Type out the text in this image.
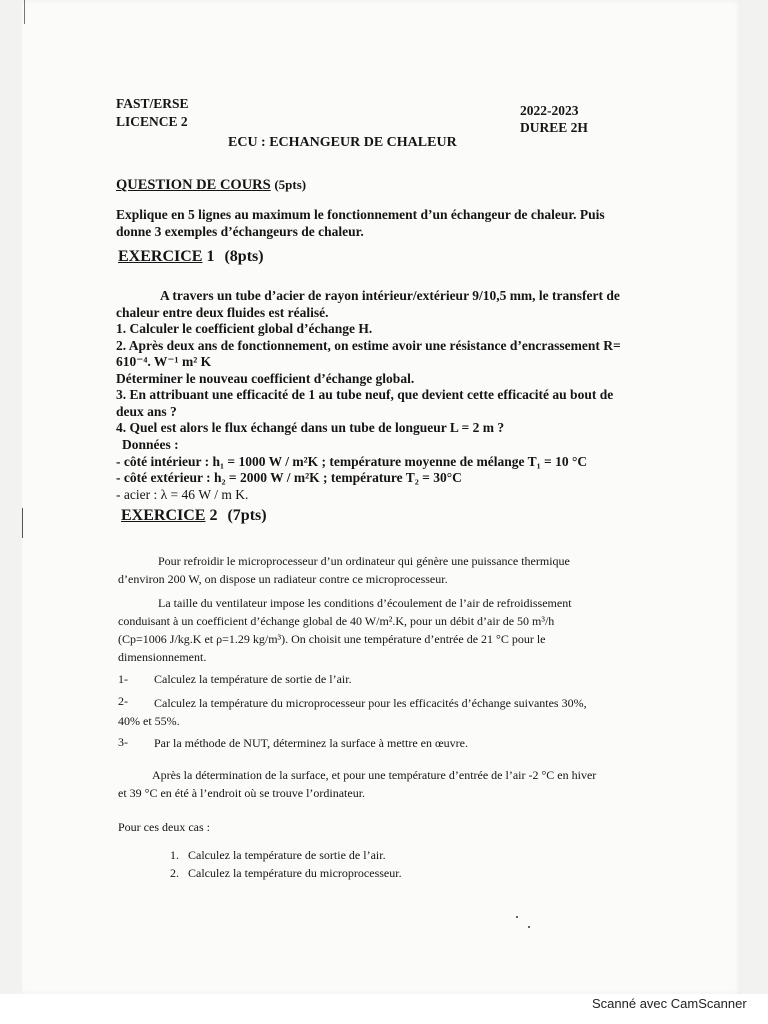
FAST/ERSE
LICENCE 2
2022-2023
DUREE 2H
ECU : ECHANGEUR DE CHALEUR
QUESTION DE COURS (5pts)
Explique en 5 lignes au maximum le fonctionnement d’un échangeur de chaleur. Puis
donne 3 exemples d’échangeurs de chaleur.
EXERCICE 1 (8pts)
A travers un tube d’acier de rayon intérieur/extérieur 9/10,5 mm, le transfert de
chaleur entre deux fluides est réalisé.
1. Calculer le coefficient global d’échange H.
2. Après deux ans de fonctionnement, on estime avoir une résistance d’encrassement R=
610⁻⁴. W⁻¹ m² K
Déterminer le nouveau coefficient d’échange global.
3. En attribuant une efficacité de 1 au tube neuf, que devient cette efficacité au bout de
deux ans ?
4. Quel est alors le flux échangé dans un tube de longueur L = 2 m ?
Données :
- côté intérieur : h₁ = 1000 W / m²K ; température moyenne de mélange T₁ = 10 °C
- côté extérieur : h₂ = 2000 W / m²K ; température T₂ = 30°C
- acier : λ = 46 W / m K.
EXERCICE 2 (7pts)
Pour refroidir le microprocesseur d’un ordinateur qui génère une puissance thermique
d’environ 200 W, on dispose un radiateur contre ce microprocesseur.
La taille du ventilateur impose les conditions d’écoulement de l’air de refroidissement
conduisant à un coefficient d’échange global de 40 W/m².K, pour un débit d’air de 50 m³/h
(Cp=1006 J/kg.K et ρ=1.29 kg/m³). On choisit une température d’entrée de 21 °C pour le
dimensionnement.
1- Calculez la température de sortie de l’air.
2- Calculez la température du microprocesseur pour les efficacités d’échange suivantes 30%,
40% et 55%.
3- Par la méthode de NUT, déterminez la surface à mettre en œuvre.
Après la détermination de la surface, et pour une température d’entrée de l’air -2 °C en hiver
et 39 °C en été à l’endroit où se trouve l’ordinateur.
Pour ces deux cas :
1. Calculez la température de sortie de l’air.
2. Calculez la température du microprocesseur.
Scanné avec CamScanner
